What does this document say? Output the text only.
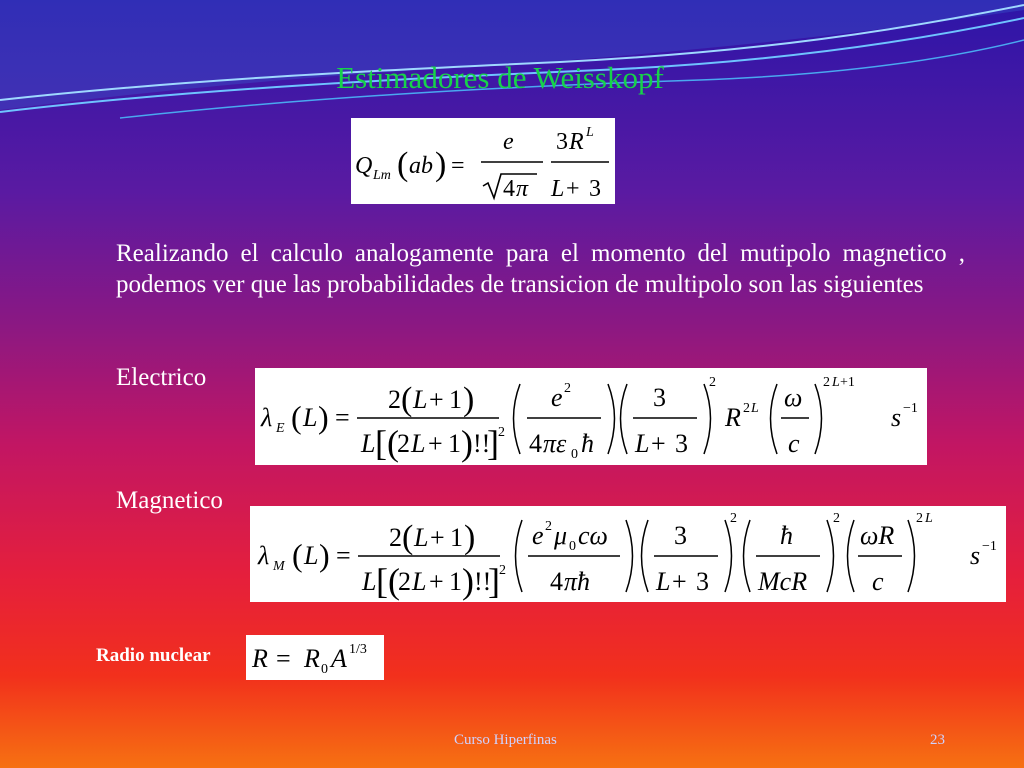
Estimadores de Weisskopf
Q Lm ( ab ) =
e
4 π
3 R L
L + 3
Realizando el calculo analogamente para el momento del mutipolo magnetico , podemos ver que las probabilidades de transicion de multipolo son las siguientes
Electrico
λ E ( L ) =
2 ( L + 1 )
L [(
2 L + 1 ) !!
] 2
e 2
4 πε 0 ħ
3
L + 3
2
R 2 L ω
c
2 L +1
s −1
Magnetico
λ M ( L ) =
2 ( L + 1 )
L [(
2 L + 1 ) !!
] 2
e 2 μ 0 cω
4 πħ
3
L + 3
2
ħ
McR
2
ωR
c
2 L
s −1
Radio nuclear R = R 0 A 1/3
Curso Hiperfinas	23
